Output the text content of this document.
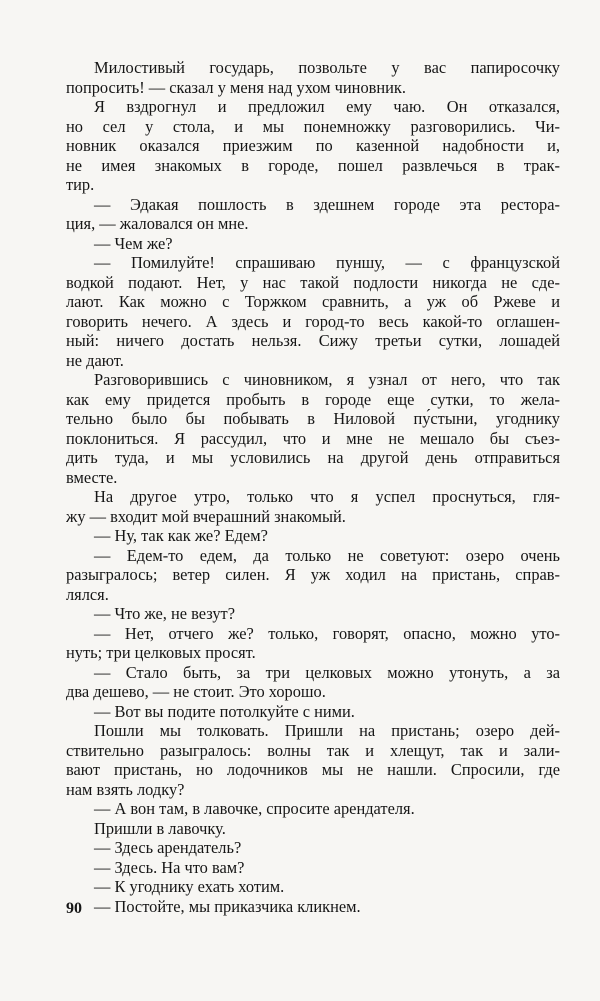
Милостивый государь, позвольте у вас папиросочку
попросить! — сказал у меня над ухом чиновник.
Я вздрогнул и предложил ему чаю. Он отказался,
но сел у стола, и мы понемножку разговорились. Чи-
новник оказался приезжим по казенной надобности и,
не имея знакомых в городе, пошел развлечься в трак-
тир.
— Эдакая пошлость в здешнем городе эта рестора-
ция, — жаловался он мне.
— Чем же?
— Помилуйте! спрашиваю пуншу, — с французской
водкой подают. Нет, у нас такой подлости никогда не сде-
лают. Как можно с Торжком сравнить, а уж об Ржеве и
говорить нечего. А здесь и город-то весь какой-то оглашен-
ный: ничего достать нельзя. Сижу третьи сутки, лошадей
не дают.
Разговорившись с чиновником, я узнал от него, что так
как ему придется пробыть в городе еще сутки, то жела-
тельно было бы побывать в Ниловой пу́стыни, угоднику
поклониться. Я рассудил, что и мне не мешало бы съез-
дить туда, и мы условились на другой день отправиться
вместе.
На другое утро, только что я успел проснуться, гля-
жу — входит мой вчерашний знакомый.
— Ну, так как же? Едем?
— Едем-то едем, да только не советуют: озеро очень
разыгралось; ветер силен. Я уж ходил на пристань, справ-
лялся.
— Что же, не везут?
— Нет, отчего же? только, говорят, опасно, можно уто-
нуть; три целковых просят.
— Стало быть, за три целковых можно утонуть, а за
два дешево, — не стоит. Это хорошо.
— Вот вы подите потолкуйте с ними.
Пошли мы толковать. Пришли на пристань; озеро дей-
ствительно разыгралось: волны так и хлещут, так и зали-
вают пристань, но лодочников мы не нашли. Спросили, где
нам взять лодку?
— А вон там, в лавочке, спросите арендателя.
Пришли в лавочку.
— Здесь арендатель?
— Здесь. На что вам?
— К угоднику ехать хотим.
— Постойте, мы приказчика кликнем.
90
